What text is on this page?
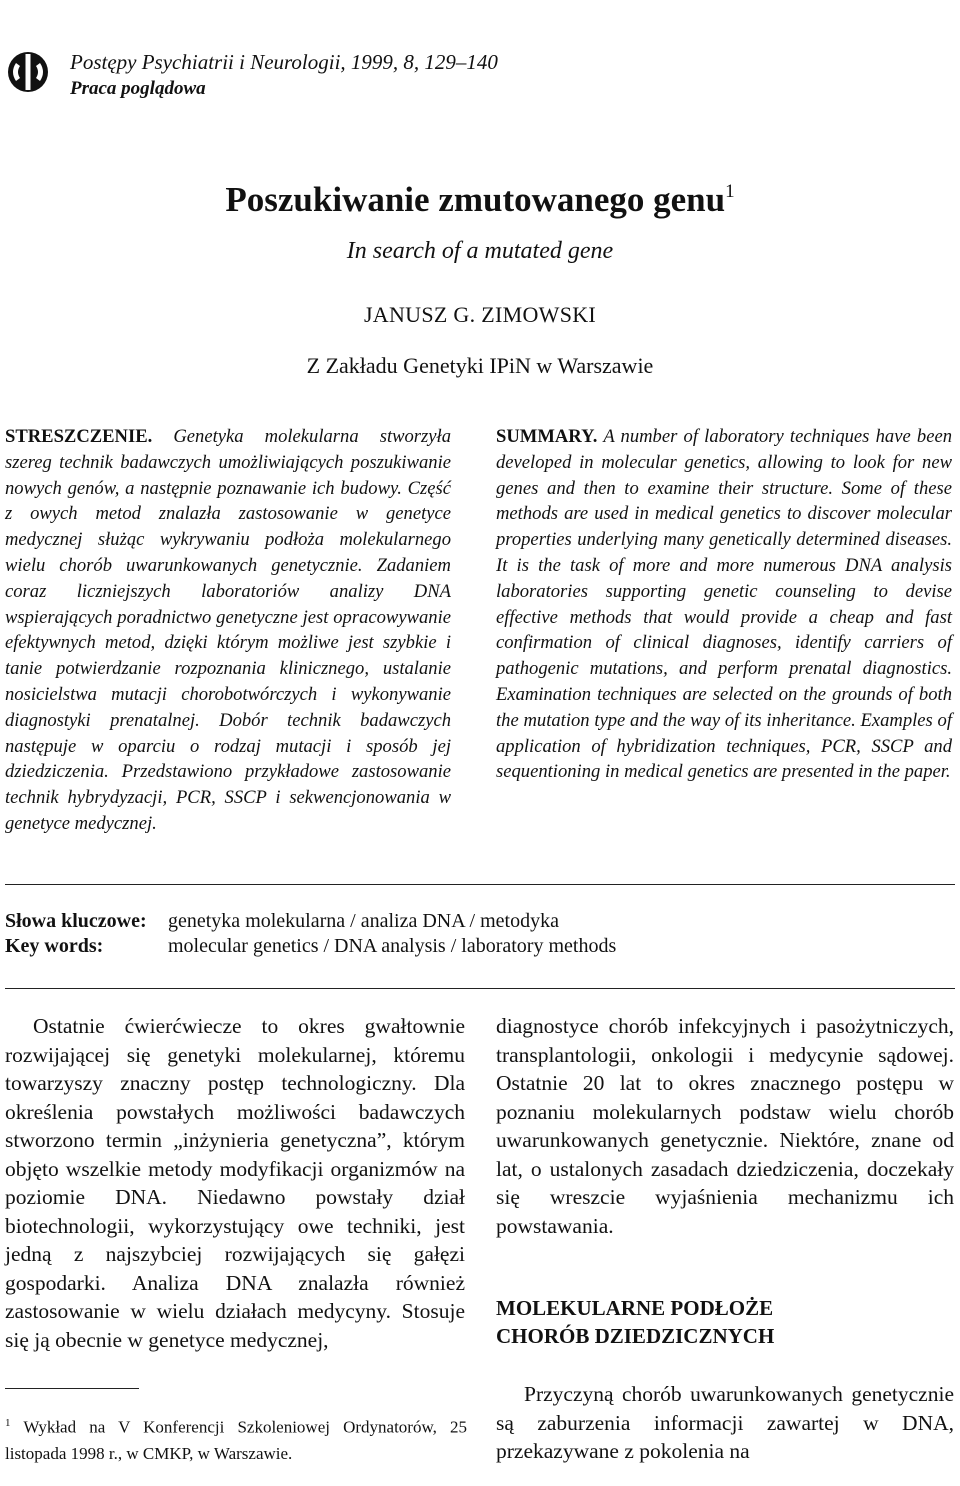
Postępy Psychiatrii i Neurologii, 1999, 8, 129–140
Praca poglądowa
Poszukiwanie zmutowanego genu$^1$
In search of a mutated gene
JANUSZ G. ZIMOWSKI
Z Zakładu Genetyki IPiN w Warszawie
STRESZCZENIE. Genetyka molekularna stworzyła szereg technik badawczych umożliwiających poszukiwanie nowych genów, a następnie poznawanie ich budowy. Część z owych metod znalazła zastosowanie w genetyce medycznej służąc wykrywaniu podłoża molekularnego wielu chorób uwarunkowanych genetycznie. Zadaniem coraz liczniejszych laboratoriów analizy DNA wspierających poradnictwo genetyczne jest opracowywanie efektywnych metod, dzięki którym możliwe jest szybkie i tanie potwierdzanie rozpoznania klinicznego, ustalanie nosicielstwa mutacji chorobotwórczych i wykonywanie diagnostyki prenatalnej. Dobór technik badawczych następuje w oparciu o rodzaj mutacji i sposób jej dziedziczenia. Przedstawiono przykładowe zastosowanie technik hybrydyzacji, PCR, SSCP i sekwencjonowania w genetyce medycznej.
SUMMARY. A number of laboratory techniques have been developed in molecular genetics, allowing to look for new genes and then to examine their structure. Some of these methods are used in medical genetics to discover molecular properties underlying many genetically determined diseases. It is the task of more and more numerous DNA analysis laboratories supporting genetic counseling to devise effective methods that would provide a cheap and fast confirmation of clinical diagnoses, identify carriers of pathogenic mutations, and perform prenatal diagnostics. Examination techniques are selected on the grounds of both the mutation type and the way of its inheritance. Examples of application of hybridization techniques, PCR, SSCP and sequentioning in medical genetics are presented in the paper.
Słowa kluczowe: genetyka molekularna / analiza DNA / metodyka
Key words:	molecular genetics / DNA analysis / laboratory methods
Ostatnie ćwierćwiecze to okres gwałtownie rozwijającej się genetyki molekularnej, któremu towarzyszy znaczny postęp technologiczny. Dla określenia powstałych możliwości badawczych stworzono termin „inżynieria genetyczna”, którym objęto wszelkie metody modyfikacji organizmów na poziomie DNA. Niedawno powstały dział biotechnologii, wykorzystujący owe techniki, jest jedną z najszybciej rozwijających się gałęzi gospodarki. Analiza DNA znalazła również zastosowanie w wielu działach medycyny. Stosuje się ją obecnie w genetyce medycznej,
diagnostyce chorób infekcyjnych i pasożytniczych, transplantologii, onkologii i medycynie sądowej. Ostatnie 20 lat to okres znacznego postępu w poznaniu molekularnych podstaw wielu chorób uwarunkowanych genetycznie. Niektóre, znane od lat, o ustalonych zasadach dziedziczenia, doczekały się wreszcie wyjaśnienia mechanizmu ich powstawania.
MOLEKULARNE PODŁOŻE
CHORÓB DZIEDZICZNYCH
Przyczyną chorób uwarunkowanych genetycznie są zaburzenia informacji zawartej w DNA, przekazywane z pokolenia na
$^1$ Wykład na V Konferencji Szkoleniowej Ordynatorów, 25 listopada 1998 r., w CMKP, w Warszawie.
